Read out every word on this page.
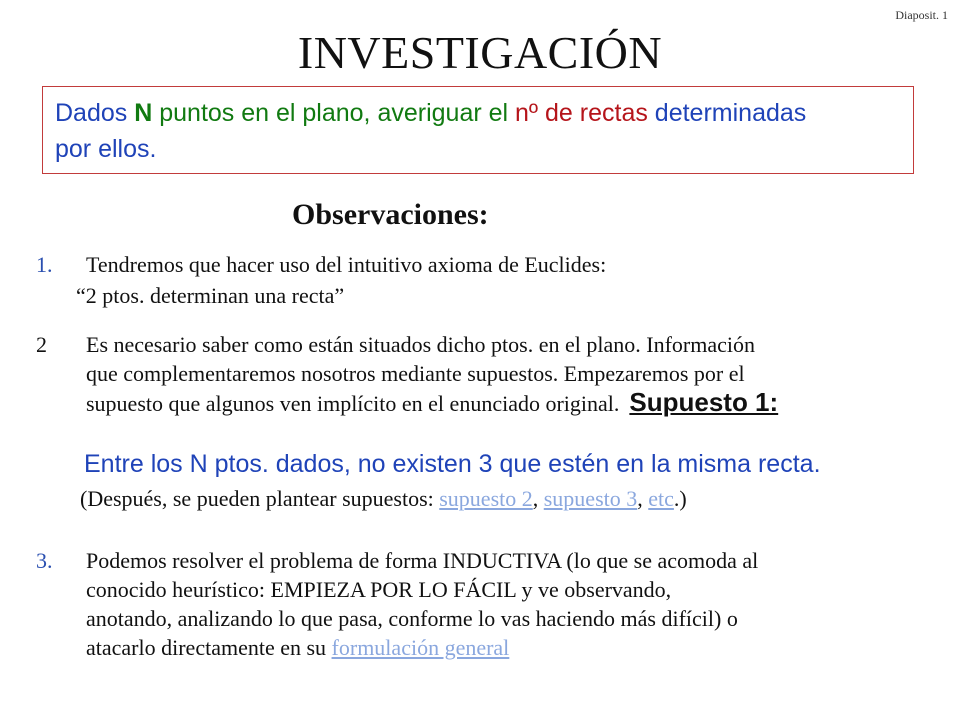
Diaposit. 1
INVESTIGACIÓN
Dados N puntos en el plano, averiguar el nº de rectas determinadas
por ellos.
Observaciones:
1. Tendremos que hacer uso del intuitivo axioma de Euclides:
“2 ptos. determinan una recta”
2 Es necesario saber como están situados dicho ptos. en el plano. Información
que complementaremos nosotros mediante supuestos. Empezaremos por el
supuesto que algunos ven implícito en el enunciado original. Supuesto 1:
Entre los N ptos. dados, no existen 3 que estén en la misma recta.
(Después, se pueden plantear supuestos: supuesto 2, supuesto 3, etc.)
3. Podemos resolver el problema de forma INDUCTIVA (lo que se acomoda al
conocido heurístico: EMPIEZA POR LO FÁCIL y ve observando,
anotando, analizando lo que pasa, conforme lo vas haciendo más difícil) o
atacarlo directamente en su formulación general
